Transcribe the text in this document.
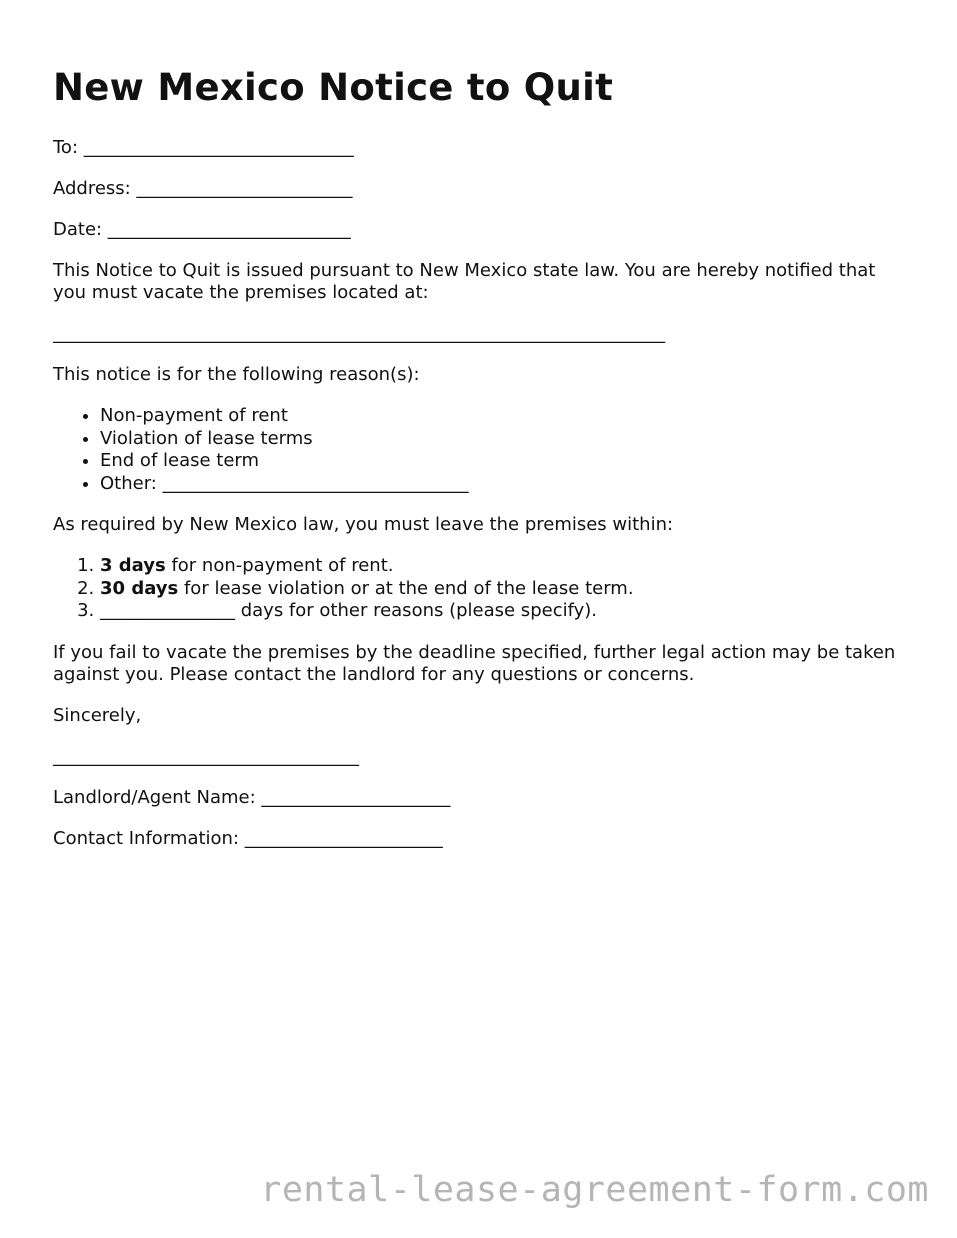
New Mexico Notice to Quit

To: ______________________________

Address: ________________________

Date: ___________________________

This Notice to Quit is issued pursuant to New Mexico state law. You are hereby notified that you must vacate the premises located at:

____________________________________________________________________

This notice is for the following reason(s):

• Non-payment of rent
• Violation of lease terms
• End of lease term
• Other: __________________________________

As required by New Mexico law, you must leave the premises within:

1. 3 days for non-payment of rent.
2. 30 days for lease violation or at the end of the lease term.
3. _______________ days for other reasons (please specify).

If you fail to vacate the premises by the deadline specified, further legal action may be taken against you. Please contact the landlord for any questions or concerns.

Sincerely,

__________________________________

Landlord/Agent Name: _____________________

Contact Information: ______________________

rental-lease-agreement-form.com
